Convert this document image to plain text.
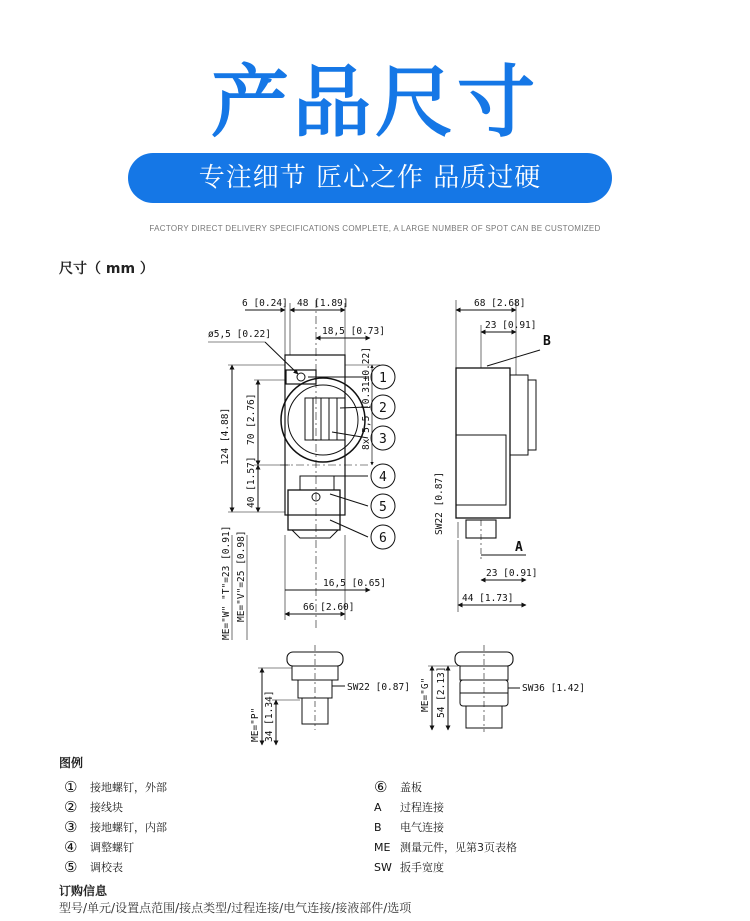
产品尺寸
专注细节 匠心之作 品质过硬
FACTORY DIRECT DELIVERY SPECIFICATIONS COMPLETE, A LARGE NUMBER OF SPOT CAN BE CUSTOMIZED
尺寸（ mm ）
6 [0.24] 48 [1.89]
ø5,5 [0.22]	18,5 [0.73]
124 [4.88] 70 [2.76]
40 [1.57]
8x 5,5 [0.31±0.22]
ME="W" "T"=23 [0.91] ME="V"=25 [0.98]	16,5 [0.65]
66 [2.60]
68 [2.68]
23 [0.91]
B
SW22 [0.87]
A
23 [0.91]
44 [1.73]
SW22 [0.87]
ME="P" 34 [1.34]
SW36 [1.42]
ME="G" 54 [2.13]
1
2
3
4
5
6
图例
①	接地螺钉，外部
②	接线块
③	接地螺钉，内部
④	调整螺钉
⑤	调校表
⑥	盖板
A	过程连接
B	电气连接
ME 测量元件，见第3页表格
SW 扳手宽度
订购信息
型号/单元/设置点范围/接点类型/过程连接/电气连接/接液部件/选项
